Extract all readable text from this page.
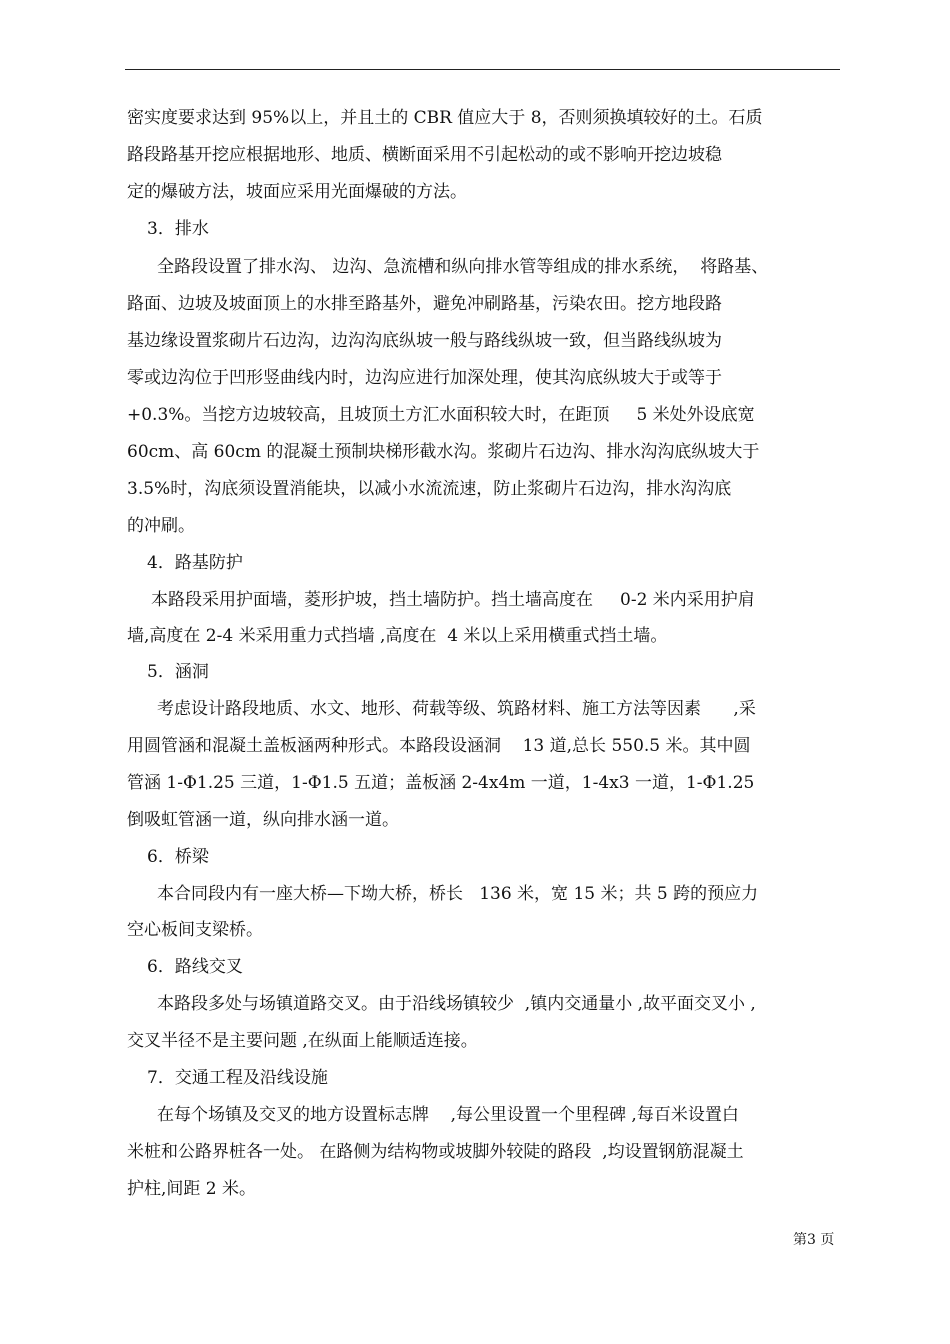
密实度要求达到 95%以上，并且土的 CBR 值应大于 8，否则须换填较好的土。石质
路段路基开挖应根据地形、地质、横断面采用不引起松动的或不影响开挖边坡稳
定的爆破方法，坡面应采用光面爆破的方法。
3．排水
全路段设置了排水沟、 边沟、急流槽和纵向排水管等组成的排水系统，  将路基、
路面、边坡及坡面顶上的水排至路基外，避免冲刷路基，污染农田。挖方地段路
基边缘设置浆砌片石边沟，边沟沟底纵坡一般与路线纵坡一致，但当路线纵坡为
零或边沟位于凹形竖曲线内时，边沟应进行加深处理，使其沟底纵坡大于或等于
+0.3%。当挖方边坡较高，且坡顶土方汇水面积较大时，在距顶     5 米处外设底宽
60cm、高 60cm 的混凝土预制块梯形截水沟。浆砌片石边沟、排水沟沟底纵坡大于
3.5%时，沟底须设置消能块，以减小水流流速，防止浆砌片石边沟，排水沟沟底
的冲刷。
4．路基防护
本路段采用护面墙，菱形护坡，挡土墙防护。挡土墙高度在     0-2 米内采用护肩
墙,高度在 2-4 米采用重力式挡墙 ,高度在  4 米以上采用横重式挡土墙。
5．涵洞
考虑设计路段地质、水文、地形、荷载等级、筑路材料、施工方法等因素      ,采
用圆管涵和混凝土盖板涵两种形式。本路段设涵洞    13 道,总长 550.5 米。其中圆
管涵 1-Φ1.25 三道，1-Φ1.5 五道；盖板涵 2-4x4m 一道，1-4x3 一道，1-Φ1.25
倒吸虹管涵一道，纵向排水涵一道。
6．桥梁
本合同段内有一座大桥—下坳大桥，桥长   136 米，宽 15 米；共 5 跨的预应力
空心板间支梁桥。
6．路线交叉
本路段多处与场镇道路交叉。由于沿线场镇较少  ,镇内交通量小 ,故平面交叉小 ,
交叉半径不是主要问题 ,在纵面上能顺适连接。
7．交通工程及沿线设施
在每个场镇及交叉的地方设置标志牌    ,每公里设置一个里程碑 ,每百米设置白
米桩和公路界桩各一处。 在路侧为结构物或坡脚外较陡的路段  ,均设置钢筋混凝土
护柱,间距 2 米。
第3 页
